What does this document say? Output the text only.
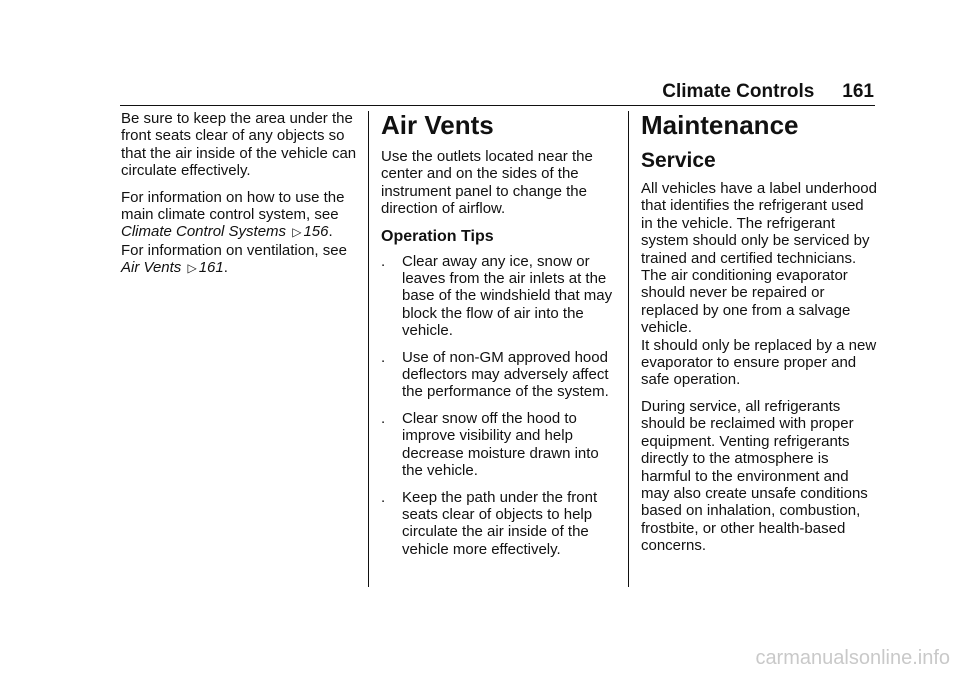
Climate Controls 161

Be sure to keep the area under the front seats clear of any objects so that the air inside of the vehicle can circulate effectively.

For information on how to use the main climate control system, see Climate Control Systems ▷ 156. For information on ventilation, see Air Vents ▷ 161.

Air Vents

Use the outlets located near the center and on the sides of the instrument panel to change the direction of airflow.

Operation Tips
. Clear away any ice, snow or leaves from the air inlets at the base of the windshield that may block the flow of air into the vehicle.
. Use of non-GM approved hood deflectors may adversely affect the performance of the system.
. Clear snow off the hood to improve visibility and help decrease moisture drawn into the vehicle.
. Keep the path under the front seats clear of objects to help circulate the air inside of the vehicle more effectively.
Maintenance
Service

All vehicles have a label underhood that identifies the refrigerant used in the vehicle. The refrigerant system should only be serviced by trained and certified technicians. The air conditioning evaporator should never be repaired or replaced by one from a salvage vehicle.
It should only be replaced by a new evaporator to ensure proper and safe operation.

During service, all refrigerants should be reclaimed with proper equipment. Venting refrigerants directly to the atmosphere is harmful to the environment and may also create unsafe conditions based on inhalation, combustion, frostbite, or other health-based concerns.

carmanualsonline.info
